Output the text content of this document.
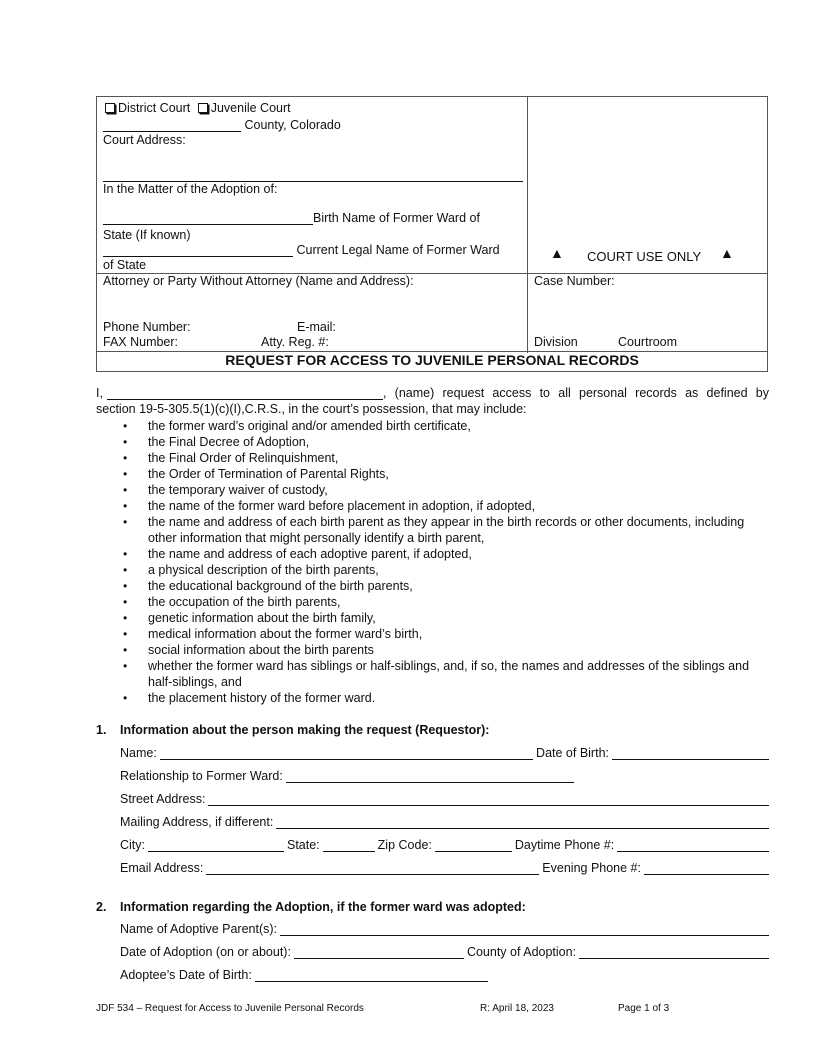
District Court Juvenile Court
County, Colorado
Court Address:
In the Matter of the Adoption of:
Birth Name of Former Ward of
State (If known)
Current Legal Name of Former Ward
of State
▲ COURT USE ONLY ▲
Attorney or Party Without Attorney (Name and Address):
Phone Number:	E-mail:
FAX Number:	Atty. Reg. #:
Case Number:
Division	Courtroom
REQUEST FOR ACCESS TO JUVENILE PERSONAL RECORDS
I,	, (name) request access to all personal records as defined by
section 19-5-305.5(1)(c)(I),C.R.S., in the court’s possession, that may include:
• the former ward’s original and/or amended birth certificate,
• the Final Decree of Adoption,
• the Final Order of Relinquishment,
• the Order of Termination of Parental Rights,
• the temporary waiver of custody,
• the name of the former ward before placement in adoption, if adopted,
• the name and address of each birth parent as they appear in the birth records or other documents, including other information that might personally identify a birth parent,
• the name and address of each adoptive parent, if adopted,
• a physical description of the birth parents,
• the educational background of the birth parents,
• the occupation of the birth parents,
• genetic information about the birth family,
• medical information about the former ward’s birth,
• social information about the birth parents
• whether the former ward has siblings or half-siblings, and, if so, the names and addresses of the siblings and half-siblings, and
• the placement history of the former ward.
1. Information about the person making the request (Requestor):
Name:	Date of Birth:
Relationship to Former Ward:
Street Address:
Mailing Address, if different:
City:	State:	Zip Code:	Daytime Phone #:
Email Address:	Evening Phone #:
2. Information regarding the Adoption, if the former ward was adopted:
Name of Adoptive Parent(s):
Date of Adoption (on or about):	County of Adoption:
Adoptee’s Date of Birth:
JDF 534 – Request for Access to Juvenile Personal Records	R: April 18, 2023	Page 1 of 3
